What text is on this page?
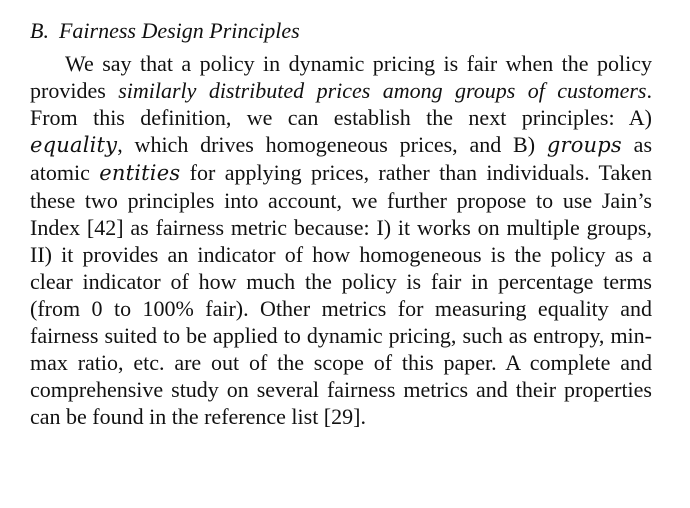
B. Fairness Design Principles

We say that a policy in dynamic pricing is fair when the policy provides similarly distributed prices among groups of customers. From this definition, we can establish the next principles: A) equality, which drives homogeneous prices, and B) groups as atomic entities for applying prices, rather than individuals. Taken these two principles into account, we further propose to use Jain’s Index [42] as fairness metric because: I) it works on multiple groups, II) it provides an indicator of how homogeneous is the policy as a clear indicator of how much the policy is fair in percentage terms (from 0 to 100% fair). Other metrics for measuring equality and fairness suited to be applied to dynamic pricing, such as entropy, min-max ratio, etc. are out of the scope of this paper. A complete and comprehensive study on several fairness metrics and their properties can be found in the reference list [29].
